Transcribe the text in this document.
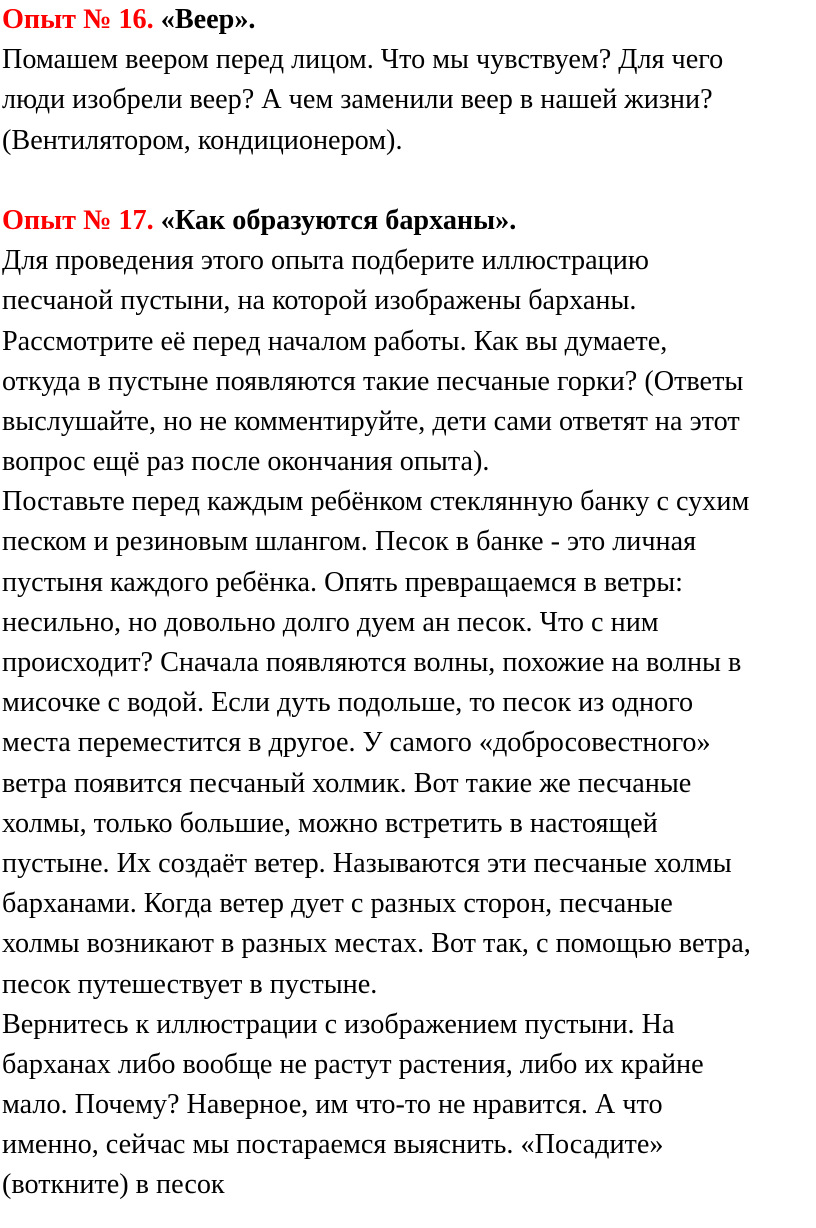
Опыт № 16. «Веер».
Помашем веером перед лицом. Что мы чувствуем? Для чего
люди изобрели веер? А чем заменили веер в нашей жизни?
(Вентилятором, кондиционером).
Опыт № 17. «Как образуются барханы».
Для проведения этого опыта подберите иллюстрацию
песчаной пустыни, на которой изображены барханы.
Рассмотрите её перед началом работы. Как вы думаете,
откуда в пустыне появляются такие песчаные горки? (Ответы
выслушайте, но не комментируйте, дети сами ответят на этот
вопрос ещё раз после окончания опыта).
Поставьте перед каждым ребёнком стеклянную банку с сухим
песком и резиновым шлангом. Песок в банке - это личная
пустыня каждого ребёнка. Опять превращаемся в ветры:
несильно, но довольно долго дуем ан песок. Что с ним
происходит? Сначала появляются волны, похожие на волны в
мисочке с водой. Если дуть подольше, то песок из одного
места переместится в другое. У самого «добросовестного»
ветра появится песчаный холмик. Вот такие же песчаные
холмы, только большие, можно встретить в настоящей
пустыне. Их создаёт ветер. Называются эти песчаные холмы
барханами. Когда ветер дует с разных сторон, песчаные
холмы возникают в разных местах. Вот так, с помощью ветра,
песок путешествует в пустыне.
Вернитесь к иллюстрации с изображением пустыни. На
барханах либо вообще не растут растения, либо их крайне
мало. Почему? Наверное, им что-то не нравится. А что
именно, сейчас мы постараемся выяснить. «Посадите»
(воткните) в песок
